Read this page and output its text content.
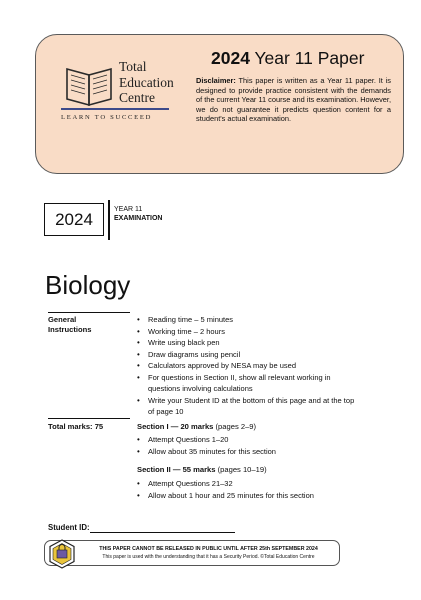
Total
Education
Centre
LEARN TO SUCCEED
2024 Year 11 Paper
Disclaimer: This paper is written as a Year 11 paper. It is designed to provide practice consistent with the demands of the current Year 11 course and its examination. However, we do not guarantee it predicts question content for a student's actual examination.
2024	YEAR 11
EXAMINATION
Biology
General
Instructions
• Reading time – 5 minutes
• Working time – 2 hours
• Write using black pen
• Draw diagrams using pencil
• Calculators approved by NESA may be used
• For questions in Section II, show all relevant working in questions involving calculations
• Write your Student ID at the bottom of this page and at the top of page 10
Total marks: 75	Section I — 20 marks (pages 2–9)
• Attempt Questions 1–20
• Allow about 35 minutes for this section
Section II — 55 marks (pages 10–19)
• Attempt Questions 21–32
• Allow about 1 hour and 25 minutes for this section
Student ID:
THIS PAPER CANNOT BE RELEASED IN PUBLIC UNTIL AFTER 25th SEPTEMBER 2024
This paper is used with the understanding that it has a Security Period. ©Total Education Centre
